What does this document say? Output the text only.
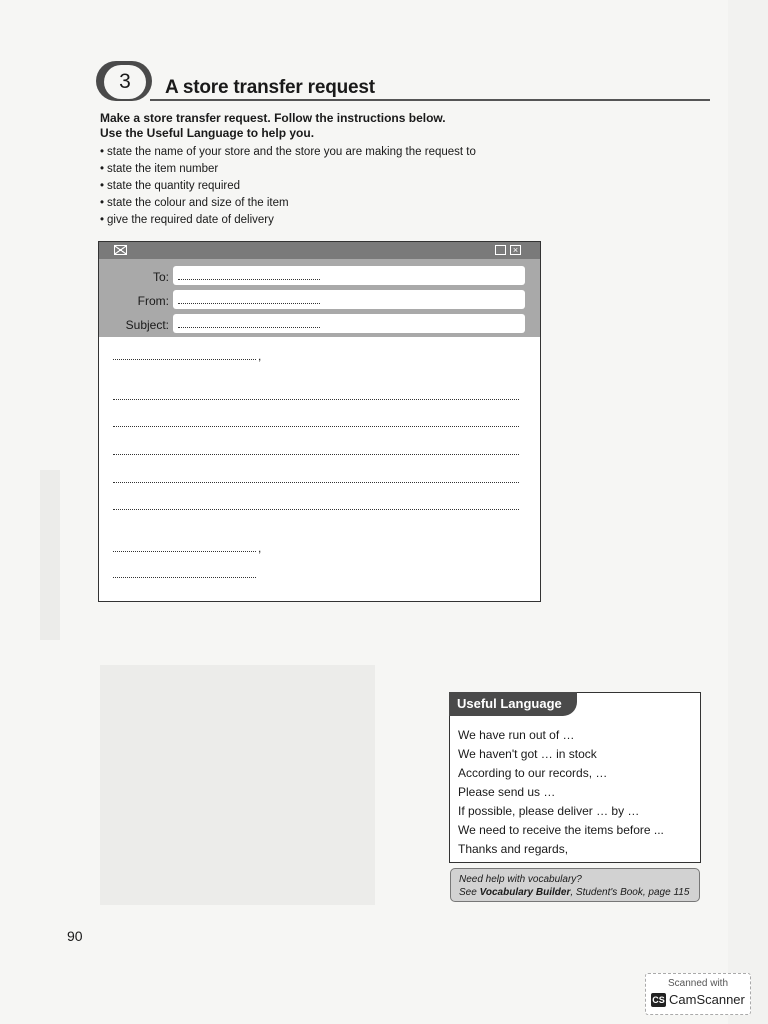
3	A store transfer request
Make a store transfer request. Follow the instructions below.
Use the Useful Language to help you.
• state the name of your store and the store you are making the request to
• state the item number
• state the quantity required
• state the colour and size of the item
• give the required date of delivery
×
To:
From:
Subject:
,
,
Useful Language
We have run out of …
We haven't got … in stock
According to our records, …
Please send us …
If possible, please deliver … by …
We need to receive the items before ...
Thanks and regards,
Need help with vocabulary?
See Vocabulary Builder, Student's Book, page 115
90
Scanned with
CS CamScanner
